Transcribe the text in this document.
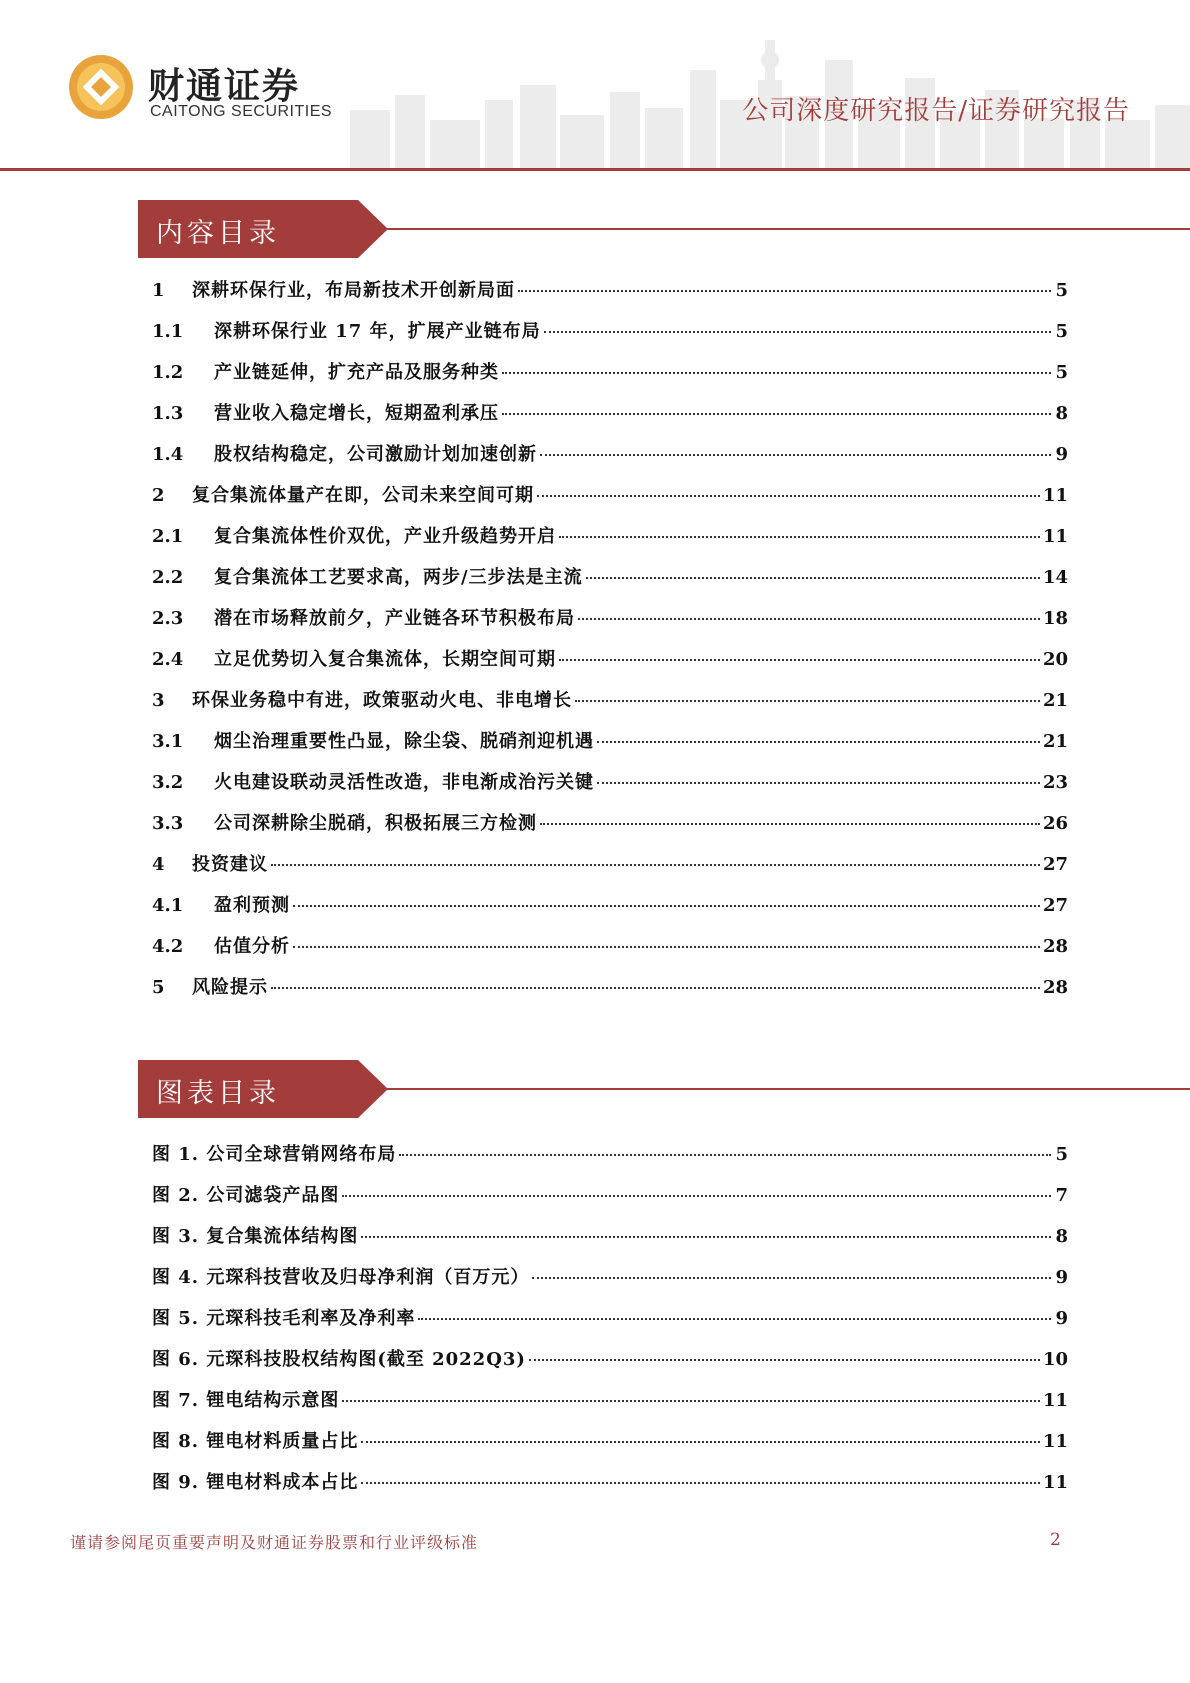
财通证券
CAITONG SECURITIES	公司深度研究报告/证券研究报告
内容目录
1	深耕环保行业，布局新技术开创新局面	5
1.1	深耕环保行业 17 年，扩展产业链布局	5
1.2	产业链延伸，扩充产品及服务种类	5
1.3	营业收入稳定增长，短期盈利承压	8
1.4	股权结构稳定，公司激励计划加速创新	9
2	复合集流体量产在即，公司未来空间可期	11
2.1	复合集流体性价双优，产业升级趋势开启	11
2.2	复合集流体工艺要求高，两步/三步法是主流	14
2.3	潜在市场释放前夕，产业链各环节积极布局	18
2.4	立足优势切入复合集流体，长期空间可期	20
3	环保业务稳中有进，政策驱动火电、非电增长	21
3.1	烟尘治理重要性凸显，除尘袋、脱硝剂迎机遇	21
3.2	火电建设联动灵活性改造，非电渐成治污关键	23
3.3	公司深耕除尘脱硝，积极拓展三方检测	26
4	投资建议	27
4.1	盈利预测	27
4.2	估值分析	28
5	风险提示	28
图表目录
图 1. 公司全球营销网络布局	5
图 2. 公司滤袋产品图	7
图 3. 复合集流体结构图	8
图 4. 元琛科技营收及归母净利润（百万元）	9
图 5. 元琛科技毛利率及净利率	9
图 6. 元琛科技股权结构图(截至 2022Q3)	10
图 7. 锂电结构示意图	11
图 8. 锂电材料质量占比	11
图 9. 锂电材料成本占比	11
谨请参阅尾页重要声明及财通证券股票和行业评级标准	2
